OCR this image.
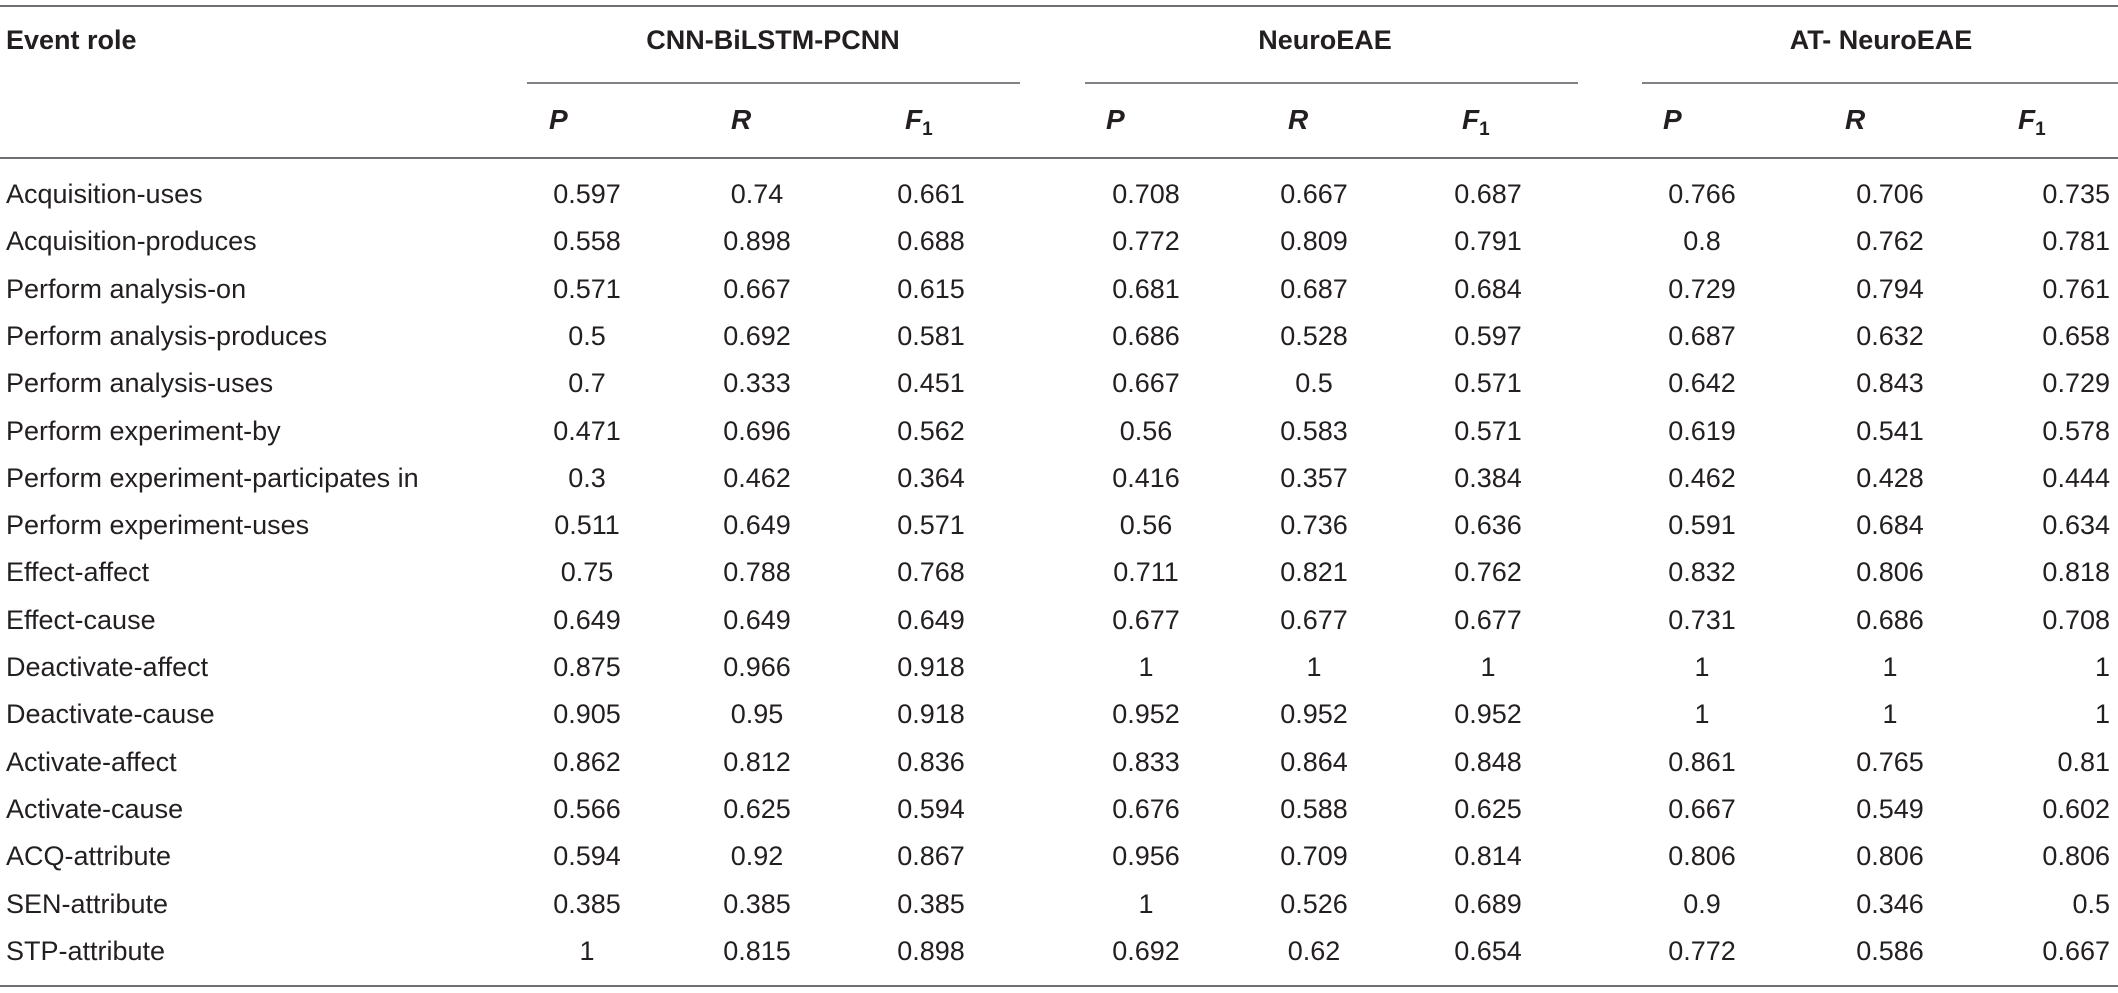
Event role	CNN-BiLSTM-PCNN	NeuroEAE	AT- NeuroEAE
P	R	$F_1$	P	R	$F_1$	P	R	$F_1$
Acquisition-uses	0.597	0.74	0.661	0.708	0.667	0.687	0.766	0.706	0.735
Acquisition-produces	0.558	0.898	0.688	0.772	0.809	0.791	0.8	0.762	0.781
Perform analysis-on	0.571	0.667	0.615	0.681	0.687	0.684	0.729	0.794	0.761
Perform analysis-produces	0.5	0.692	0.581	0.686	0.528	0.597	0.687	0.632	0.658
Perform analysis-uses	0.7	0.333	0.451	0.667	0.5	0.571	0.642	0.843	0.729
Perform experiment-by	0.471	0.696	0.562	0.56	0.583	0.571	0.619	0.541	0.578
Perform experiment-participates in	0.3	0.462	0.364	0.416	0.357	0.384	0.462	0.428	0.444
Perform experiment-uses	0.511	0.649	0.571	0.56	0.736	0.636	0.591	0.684	0.634
Effect-affect	0.75	0.788	0.768	0.711	0.821	0.762	0.832	0.806	0.818
Effect-cause	0.649	0.649	0.649	0.677	0.677	0.677	0.731	0.686	0.708
Deactivate-affect	0.875	0.966	0.918	1	1	1	1	1	1
Deactivate-cause	0.905	0.95	0.918	0.952	0.952	0.952	1	1	1
Activate-affect	0.862	0.812	0.836	0.833	0.864	0.848	0.861	0.765	0.81
Activate-cause	0.566	0.625	0.594	0.676	0.588	0.625	0.667	0.549	0.602
ACQ-attribute	0.594	0.92	0.867	0.956	0.709	0.814	0.806	0.806	0.806
SEN-attribute	0.385	0.385	0.385	1	0.526	0.689	0.9	0.346	0.5
STP-attribute	1	0.815	0.898	0.692	0.62	0.654	0.772	0.586	0.667
